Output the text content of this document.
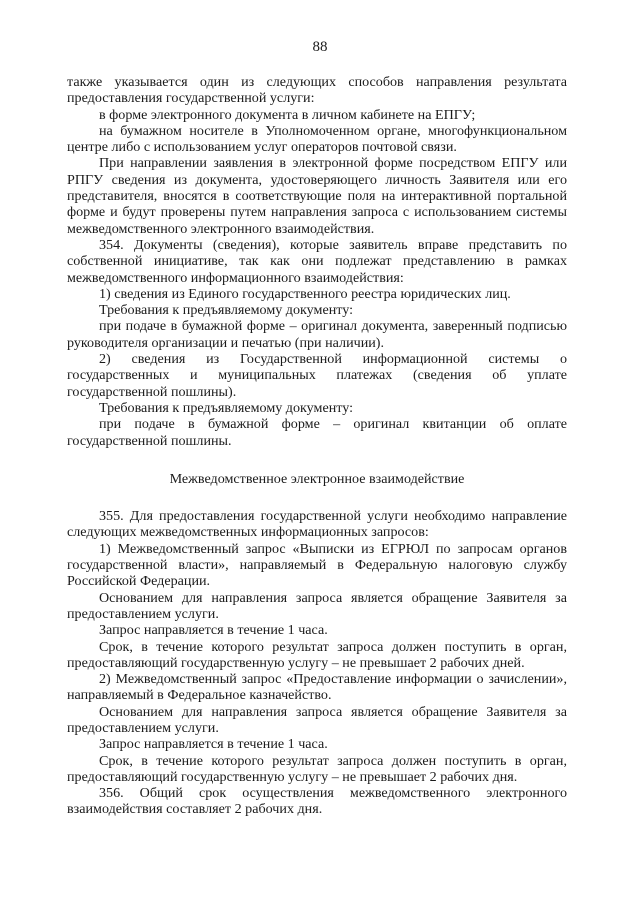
88

также указывается один из следующих способов направления результата предоставления государственной услуги:

в форме электронного документа в личном кабинете на ЕПГУ;

на бумажном носителе в Уполномоченном органе, многофункциональном центре либо с использованием услуг операторов почтовой связи.

При направлении заявления в электронной форме посредством ЕПГУ или РПГУ сведения из документа, удостоверяющего личность Заявителя или его представителя, вносятся в соответствующие поля на интерактивной портальной форме и будут проверены путем направления запроса с использованием системы межведомственного электронного взаимодействия.

354. Документы (сведения), которые заявитель вправе представить по собственной инициативе, так как они подлежат представлению в рамках межведомственного информационного взаимодействия:

1) сведения из Единого государственного реестра юридических лиц.

Требования к предъявляемому документу:

при подаче в бумажной форме – оригинал документа, заверенный подписью руководителя организации и печатью (при наличии).

2) сведения из Государственной информационной системы о государственных и муниципальных платежах (сведения об уплате государственной пошлины).

Требования к предъявляемому документу:

при подаче в бумажной форме – оригинал квитанции об оплате государственной пошлины.

Межведомственное электронное взаимодействие

355. Для предоставления государственной услуги необходимо направление следующих межведомственных информационных запросов:

1) Межведомственный запрос «Выписки из ЕГРЮЛ по запросам органов государственной власти», направляемый в Федеральную налоговую службу Российской Федерации.

Основанием для направления запроса является обращение Заявителя за предоставлением услуги.

Запрос направляется в течение 1 часа.

Срок, в течение которого результат запроса должен поступить в орган, предоставляющий государственную услугу – не превышает 2 рабочих дней.

2) Межведомственный запрос «Предоставление информации о зачислении», направляемый в Федеральное казначейство.

Основанием для направления запроса является обращение Заявителя за предоставлением услуги.

Запрос направляется в течение 1 часа.

Срок, в течение которого результат запроса должен поступить в орган, предоставляющий государственную услугу – не превышает 2 рабочих дня.

356. Общий срок осуществления межведомственного электронного взаимодействия составляет 2 рабочих дня.
